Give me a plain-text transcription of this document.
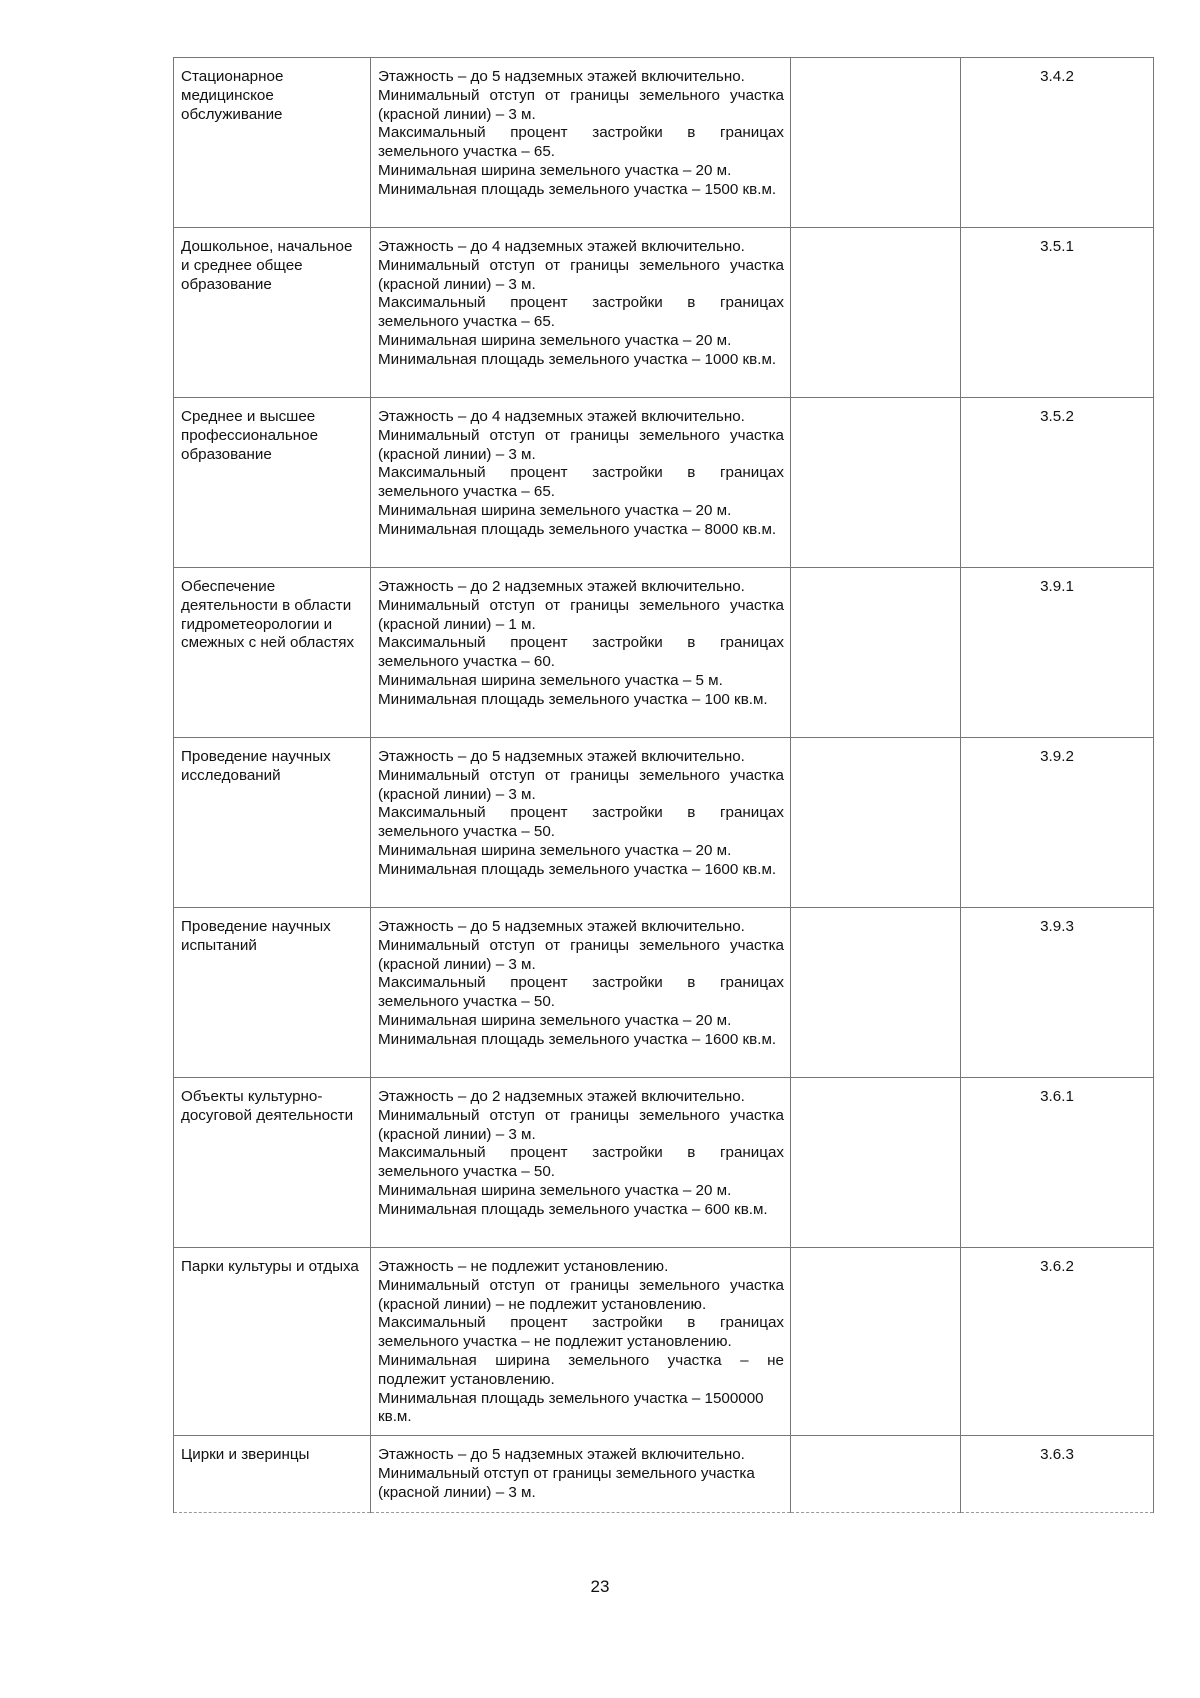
Стационарное медицинское обслуживание	Этажность – до 5 надземных этажей включительно.

Минимальный отступ от границы земельного участка (красной линии) – 3 м.

Максимальный процент застройки в границах земельного участка – 65.

Минимальная ширина земельного участка – 20 м.

Минимальная площадь земельного участка – 1500 кв.м.		3.4.2

Дошкольное, начальное и среднее общее образование	Этажность – до 4 надземных этажей включительно.

Минимальный отступ от границы земельного участка (красной линии) – 3 м.

Максимальный процент застройки в границах земельного участка – 65.

Минимальная ширина земельного участка – 20 м.

Минимальная площадь земельного участка – 1000 кв.м.		3.5.1

Среднее и высшее профессиональное образование	Этажность – до 4 надземных этажей включительно.

Минимальный отступ от границы земельного участка (красной линии) – 3 м.

Максимальный процент застройки в границах земельного участка – 65.

Минимальная ширина земельного участка – 20 м.

Минимальная площадь земельного участка – 8000 кв.м.		3.5.2

Обеспечение деятельности в области гидрометеорологии и смежных с ней областях	Этажность – до 2 надземных этажей включительно.

Минимальный отступ от границы земельного участка (красной линии) – 1 м.

Максимальный процент застройки в границах земельного участка – 60.

Минимальная ширина земельного участка – 5 м.

Минимальная площадь земельного участка – 100 кв.м.		3.9.1

Проведение научных исследований	Этажность – до 5 надземных этажей включительно.

Минимальный отступ от границы земельного участка (красной линии) – 3 м.

Максимальный процент застройки в границах земельного участка – 50.

Минимальная ширина земельного участка – 20 м.

Минимальная площадь земельного участка – 1600 кв.м.		3.9.2

Проведение научных испытаний	Этажность – до 5 надземных этажей включительно.

Минимальный отступ от границы земельного участка (красной линии) – 3 м.

Максимальный процент застройки в границах земельного участка – 50.

Минимальная ширина земельного участка – 20 м.

Минимальная площадь земельного участка – 1600 кв.м.		3.9.3

Объекты культурно-досуговой деятельности	Этажность – до 2 надземных этажей включительно.

Минимальный отступ от границы земельного участка (красной линии) – 3 м.

Максимальный процент застройки в границах земельного участка – 50.

Минимальная ширина земельного участка – 20 м.

Минимальная площадь земельного участка – 600 кв.м.		3.6.1

Парки культуры и отдыха	Этажность – не подлежит установлению.

Минимальный отступ от границы земельного участка (красной линии) – не подлежит установлению.

Максимальный процент застройки в границах земельного участка – не подлежит установлению.

Минимальная ширина земельного участка – не подлежит установлению.

Минимальная площадь земельного участка – 1500000 кв.м.		3.6.2

Цирки и зверинцы	Этажность – до 5 надземных этажей включительно.

Минимальный отступ от границы земельного участка (красной линии) – 3 м.		3.6.3
23
